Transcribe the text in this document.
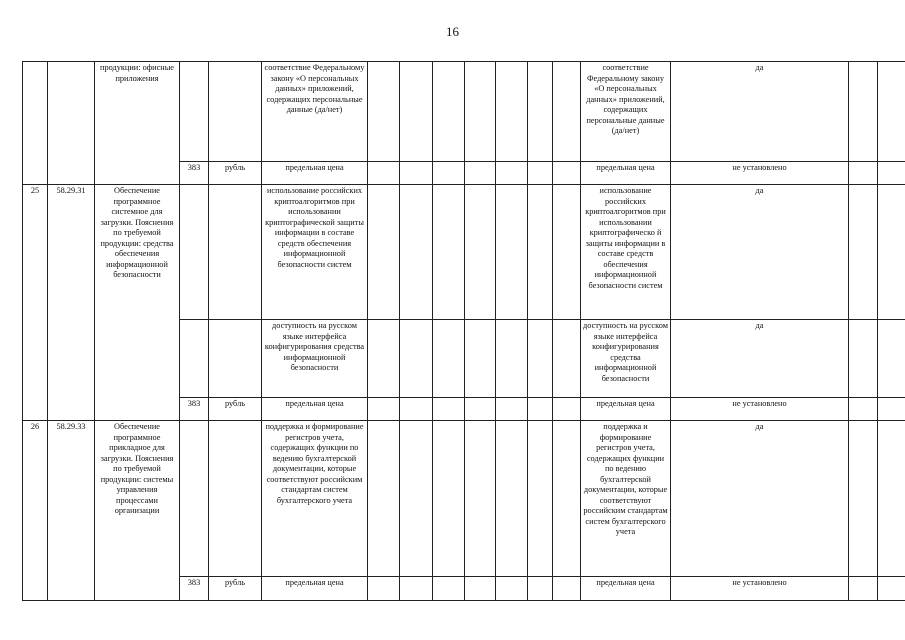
16
		продукции: офисные приложения			соответствие Федеральному закону «О персональных данных» приложений, содержащих персональные данные (да/нет)								соответствие Федеральному закону «О персональных данных» приложений, содержащих персональные данные (да/нет)	да		
			383	рубль	предельная цена								предельная цена	не установлено		
25	58.29.31	Обеспечение программное системное для загрузки. Пояснения по требуемой продукции: средства обеспечения информационной безопасности			использование российских криптоалгоритмов при использовании криптографической защиты информации в составе средств обеспечения информационной безопасности систем								использование российских криптоалгоритмов при использовании криптографическо й защиты информации в составе средств обеспечения информационной безопасности систем	да		
					доступность на русском языке интерфейса конфигурирования средства информационной безопасности								доступность на русском языке интерфейса конфигурирования средства информационной безопасности	да		
			383	рубль	предельная цена								предельная цена	не установлено		
26	58.29.33	Обеспечение программное прикладное для загрузки. Пояснения по требуемой продукции: системы управления процессами организации			поддержка и формирование регистров учета, содержащих функции по ведению бухгалтерской документации, которые соответствуют российским стандартам систем бухгалтерского учета								поддержка и формирование регистров учета, содержащих функции по ведению бухгалтерской документации, которые соответствуют российским стандартам систем бухгалтерского учета	да		
			383	рубль	предельная цена								предельная цена	не установлено		
